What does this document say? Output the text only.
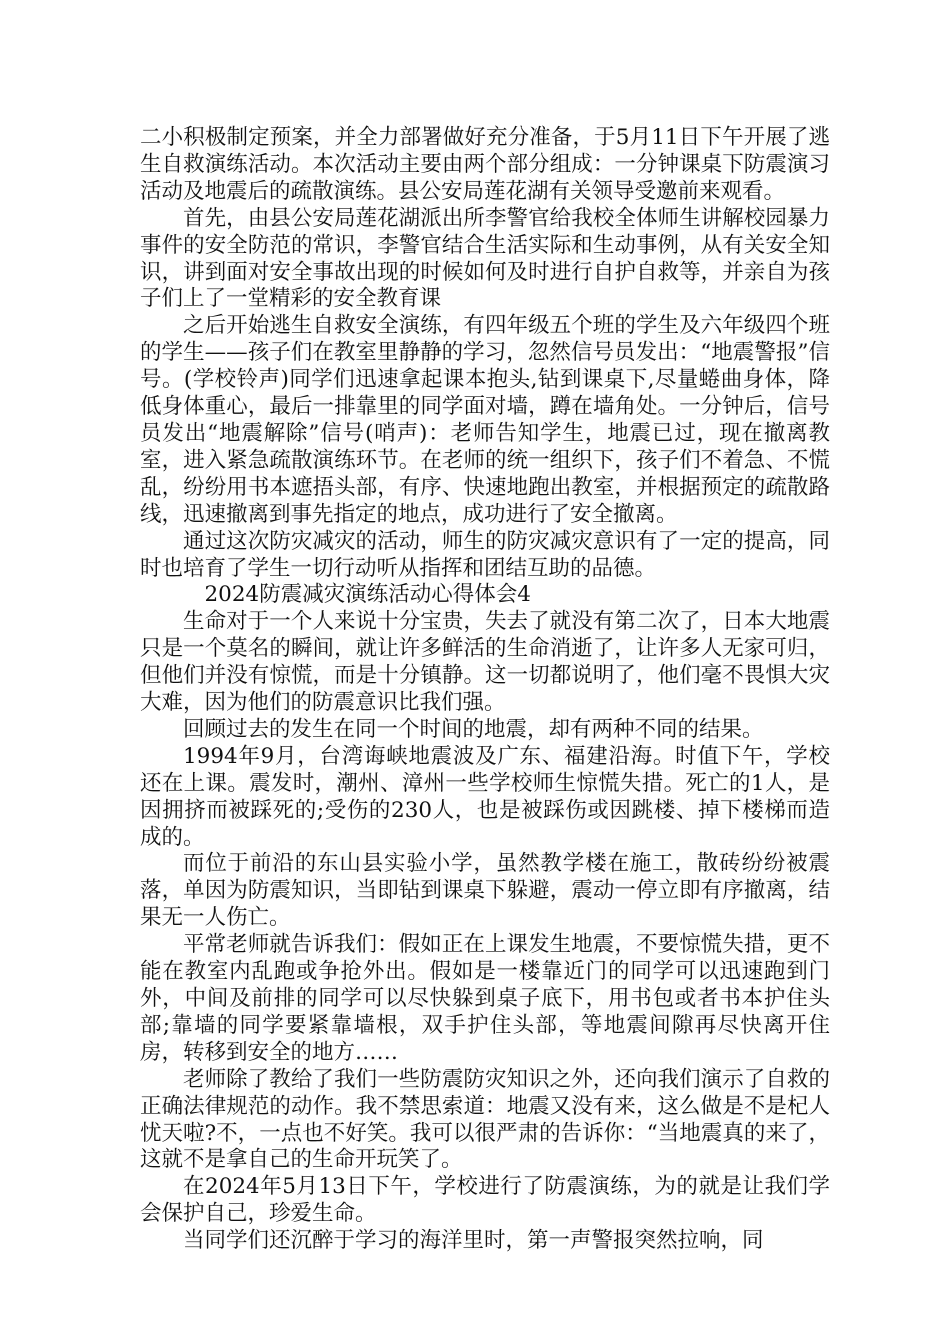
二小积极制定预案，并全力部署做好充分准备，于5月11日下午开展了逃生自救演练活动。本次活动主要由两个部分组成：一分钟课桌下防震演习活动及地震后的疏散演练。县公安局莲花湖有关领导受邀前来观看。

首先，由县公安局莲花湖派出所李警官给我校全体师生讲解校园暴力事件的安全防范的常识，李警官结合生活实际和生动事例，从有关安全知识，讲到面对安全事故出现的时候如何及时进行自护自救等，并亲自为孩子们上了一堂精彩的安全教育课

之后开始逃生自救安全演练，有四年级五个班的学生及六年级四个班的学生——孩子们在教室里静静的学习，忽然信号员发出：“地震警报”信号。(学校铃声)同学们迅速拿起课本抱头,钻到课桌下,尽量蜷曲身体，降低身体重心，最后一排靠里的同学面对墙，蹲在墙角处。一分钟后，信号员发出“地震解除”信号(哨声)：老师告知学生，地震已过，现在撤离教室，进入紧急疏散演练环节。在老师的统一组织下，孩子们不着急、不慌乱，纷纷用书本遮捂头部，有序、快速地跑出教室，并根据预定的疏散路线，迅速撤离到事先指定的地点，成功进行了安全撤离。

通过这次防灾减灾的活动，师生的防灾减灾意识有了一定的提高，同时也培育了学生一切行动听从指挥和团结互助的品德。

2024防震减灾演练活动心得体会4

生命对于一个人来说十分宝贵，失去了就没有第二次了，日本大地震只是一个莫名的瞬间，就让许多鲜活的生命消逝了，让许多人无家可归，但他们并没有惊慌，而是十分镇静。这一切都说明了，他们毫不畏惧大灾大难，因为他们的防震意识比我们强。

回顾过去的发生在同一个时间的地震，却有两种不同的结果。

1994年9月，台湾诲峡地震波及广东、福建沿海。时值下午，学校还在上课。震发时，潮州、漳州一些学校师生惊慌失措。死亡的1人，是因拥挤而被踩死的;受伤的230人，也是被踩伤或因跳楼、掉下楼梯而造成的。

而位于前沿的东山县实验小学，虽然教学楼在施工，散砖纷纷被震落，单因为防震知识，当即钻到课桌下躲避，震动一停立即有序撤离，结果无一人伤亡。

平常老师就告诉我们：假如正在上课发生地震，不要惊慌失措，更不能在教室内乱跑或争抢外出。假如是一楼靠近门的同学可以迅速跑到门外，中间及前排的同学可以尽快躲到桌子底下，用书包或者书本护住头部;靠墙的同学要紧靠墙根，双手护住头部，等地震间隙再尽快离开住房，转移到安全的地方……

老师除了教给了我们一些防震防灾知识之外，还向我们演示了自救的正确法律规范的动作。我不禁思索道：地震又没有来，这么做是不是杞人忧天啦?不，一点也不好笑。我可以很严肃的告诉你：“当地震真的来了，这就不是拿自己的生命开玩笑了。

在2024年5月13日下午，学校进行了防震演练，为的就是让我们学会保护自己，珍爱生命。

当同学们还沉醉于学习的海洋里时，第一声警报突然拉响，同
